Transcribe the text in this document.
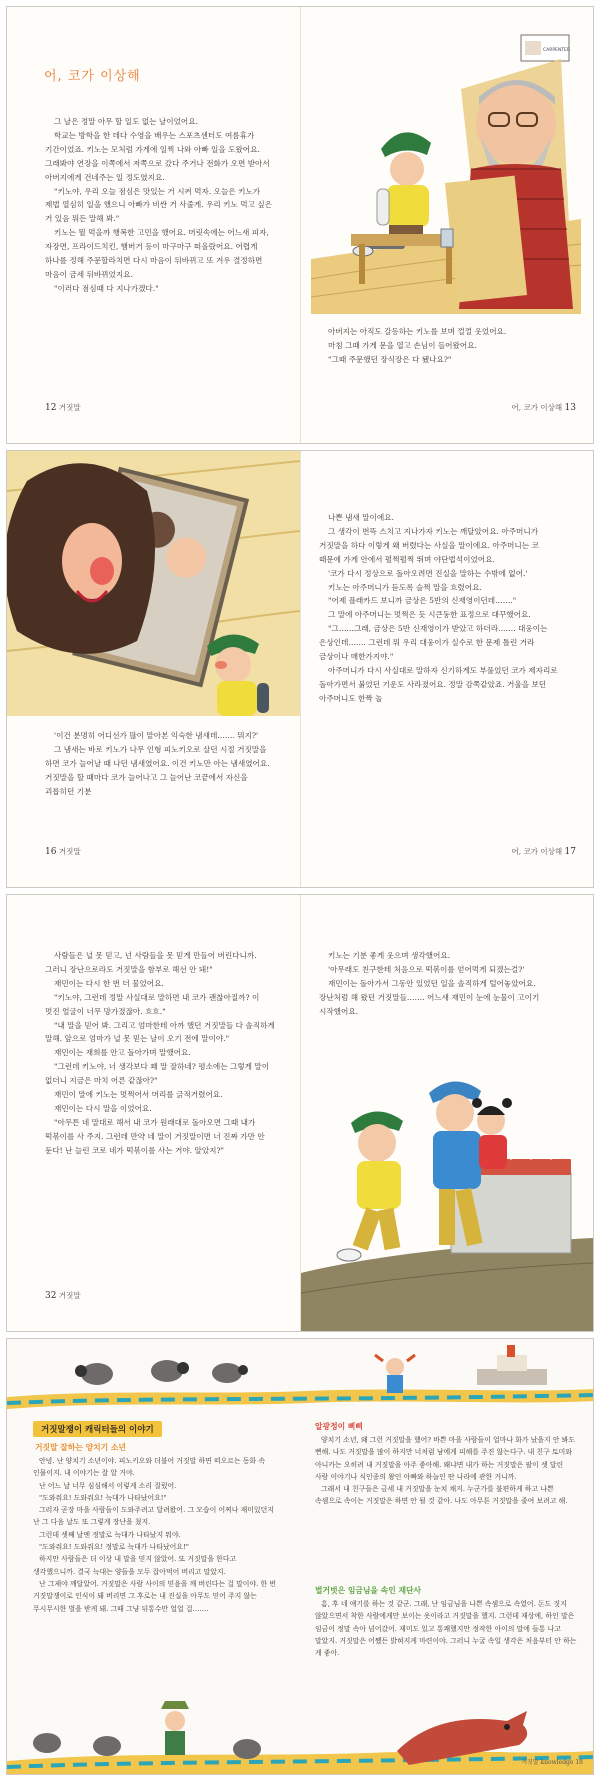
어, 코가 이상해

그 날은 정말 아무 할 일도 없는 날이었어요.

학교는 방학을 한 데다 수영을 배우는 스포츠센터도 여름휴가 기간이었죠. 키노는 모처럼 가게에 일찍 나와 아빠 일을 도왔어요. 그래봐야 연장을 이쪽에서 저쪽으로 갔다 주거나 전화가 오면 받아서 아버지에게 건네주는 일 정도였지요.

"키노야, 우리 오늘 점심은 맛있는 거 시켜 먹자. 오늘은 키노가 제법 열심히 일을 했으니 아빠가 비싼 거 사줄게. 우리 키노 먹고 싶은 거 있음 뭐든 말해 봐."

키노는 뭘 먹을까 행복한 고민을 했어요. 머릿속에는 어느새 피자, 자장면, 프라이드치킨, 햄버거 등이 마구마구 떠올랐어요. 어렵게 하나를 정해 주문할라치면 다시 마음이 뒤바뀌고 또 겨우 결정하면 마음이 금세 뒤바뀌었지요.

"이러다 점심때 다 지나가겠다."

12 거짓말
CARPENTER

아버지는 아직도 갈등하는 키노를 보며 껄껄 웃었어요.

마침 그때 가게 문을 열고 손님이 들어왔어요.

"그때 주문했던 장식장은 다 됐나요?"

어, 코가 이상해 13

'이건 분명히 어디선가 많이 맡아본 익숙한 냄새데……. 뭐지?'

그 냄새는 바로 키노가 나무 인형 피노키오로 살던 시절 거짓말을 하면 코가 늘어날 때 나던 냄새였어요. 이건 키노만 아는 냄새였어요. 거짓말을 할 때마다 코가 늘어나고 그 늘어난 코끝에서 자신을 괴롭히던 기분

16 거짓말

나쁜 냄새 말이에요.

그 생각이 번뜩 스치고 지나가자 키노는 깨달았어요. 아주머니가 거짓말을 하다 이렇게 왜 버렸다는 사실을 말이에요. 아주머니는 코 때문에 가게 안에서 펄쩍펄쩍 뛰며 야단법석이었어요.

'코가 다시 정상으로 돌아오려면 진실을 말하는 수밖에 없어.'

키노는 아주머니가 듣도록 슬쩍 말을 흐렸어요.

"어제 플래카드 보니까 금상은 5반의 신재영이던데……."

그 말에 아주머니는 멋쩍은 듯 시큰둥한 표정으로 대꾸했어요.

"그……그래, 금상은 5반 신재영이가 받았고 하더라……. 대웅이는 은상인데……. 그런데 뭐 우리 대웅이가 실수로 한 문제 틀린 거라 금상이나 매한가지야."

아주머니가 다시 사실대로 말하자 신기하게도 부풀었던 코가 제자리로 돌아가면서 붉었던 기운도 사라졌어요. 정말 감쪽같았죠. 거울을 보던 아주머니도 한짝 놀

어, 코가 이상해 17

사람들은 널 못 믿고, 넌 사람들을 못 믿게 만들어 버린다니까. 그러니 장난으로라도 거짓말을 함부로 해선 안 돼!"

재민이는 다시 한 번 더 물었어요.

"키노야, 그런데 정말 사실대로 말하면 내 코가 괜찮아질까? 이 멋진 얼굴이 너무 망가졌잖아. 흐흐."

"내 말을 믿어 봐. 그리고 엄마한테 아까 했던 거짓말들 다 솔직하게 말해. 앞으로 엄마가 널 못 믿는 날이 오기 전에 말이야."

재민이는 재희를 안고 돌아가며 말했어요.

"그런데 키노야, 너 생각보다 꽤 말 잘하네? 평소에는 그렇게 말이 없더니 지금은 마치 어른 같잖아?"

재민이 말에 키노는 멋쩍어서 머리를 긁적거렸어요.

재민이는 다시 말을 이었어요.

"아무튼 네 말대로 해서 내 코가 원래대로 돌아오면 그때 내가 떡볶이를 사 주지. 그런데 만약 네 말이 거짓말이면 너 진짜 가만 안 둔다! 난 늘린 코로 네가 떡볶이를 사는 거야. 알았지?"

32 거짓말

키노는 기분 좋게 웃으며 생각했어요.

'아무래도 친구한테 처음으로 떡볶이를 얻어먹게 되겠는걸?'

재민이는 돌아가서 그동안 있었던 일을 솔직하게 털어놓았어요. 장난처럼 해 왔던 거짓말들……. 어느새 재민이 눈에 눈물이 고이기 시작했어요.

거짓말쟁이 캐릭터들의 이야기
거짓말 잘하는 양치기 소년

안녕. 난 양치기 소년이야. 피노키오와 더불어 거짓말 하면 떠오르는 동화 속 인물이지. 내 이야기는 잘 알 거야.

난 어느 날 너무 심심해서 이렇게 소리 질렀어.

"도와줘요! 도와줘요! 늑대가 나타났어요!"

그러자 곧장 마을 사람들이 도와주려고 달려왔어. 그 모습이 어찌나 재미있던지 난 그 다음 날도 또 그렇게 장난을 쳤지.

그런데 셋째 날엔 정말로 늑대가 나타났지 뭐야.

"도와줘요! 도와줘요! 정말로 늑대가 나타났어요!"

하지만 사람들은 더 이상 내 말을 믿지 않았어. 또 거짓말을 한다고 생각했으니까. 결국 늑대는 양들을 모두 잡아먹어 버리고 말았지.

난 그제야 깨달았어. 거짓말은 사람 사이의 믿음을 깨 버린다는 걸 말이야. 한 번 거짓말쟁이로 인식이 돼 버리면 그 후로는 내 진실을 아무도 믿어 주지 않는 무시무시한 벌을 받게 돼. 그때 그냥 뒤통수만 얼얼 걸…….

알광정이 삐삐

양치기 소년, 왜 그런 거짓말을 했어? 바쁜 마을 사람들이 얼마나 화가 났을지 안 봐도 뻔해. 나도 거짓말을 많이 하지만 너처럼 남에게 피해를 주진 않는다구. 내 친구 토미와 아니카는 오히려 내 거짓말을 아주 좋아해. 왜냐면 내가 하는 거짓말은 팔이 셋 달린 사람 이야기나 식인종의 왕인 아빠와 하늘인 딴 나라에 관한 거니까.

그래서 내 친구들은 금세 내 거짓말을 눈치 채지. 누군가를 불편하게 하고 나쁜 속셈으로 속이는 거짓말은 하면 안 될 것 같아. 나도 아무튼 거짓말을 줄여 보려고 해.

벌거벗은 임금님을 속인 재단사

흠, 후 네 얘기를 하는 것 같군. 그래, 난 임금님을 나쁜 속셈으로 속였어. 돈도 짓지 않았으면서 착한 사람에게만 보이는 옷이라고 거짓말을 했지. 그런데 재상에, 하인 말은 임금이 정말 속아 넘어갔어. 재미도 있고 통쾌했지만 정작한 아이의 말에 들통 나고 말았지. 거짓말은 어쨌든 밝혀지게 마련이야. 그러니 누굴 속일 생각은 처음부터 안 하는 게 좋아.

거짓말 knowledge 18
